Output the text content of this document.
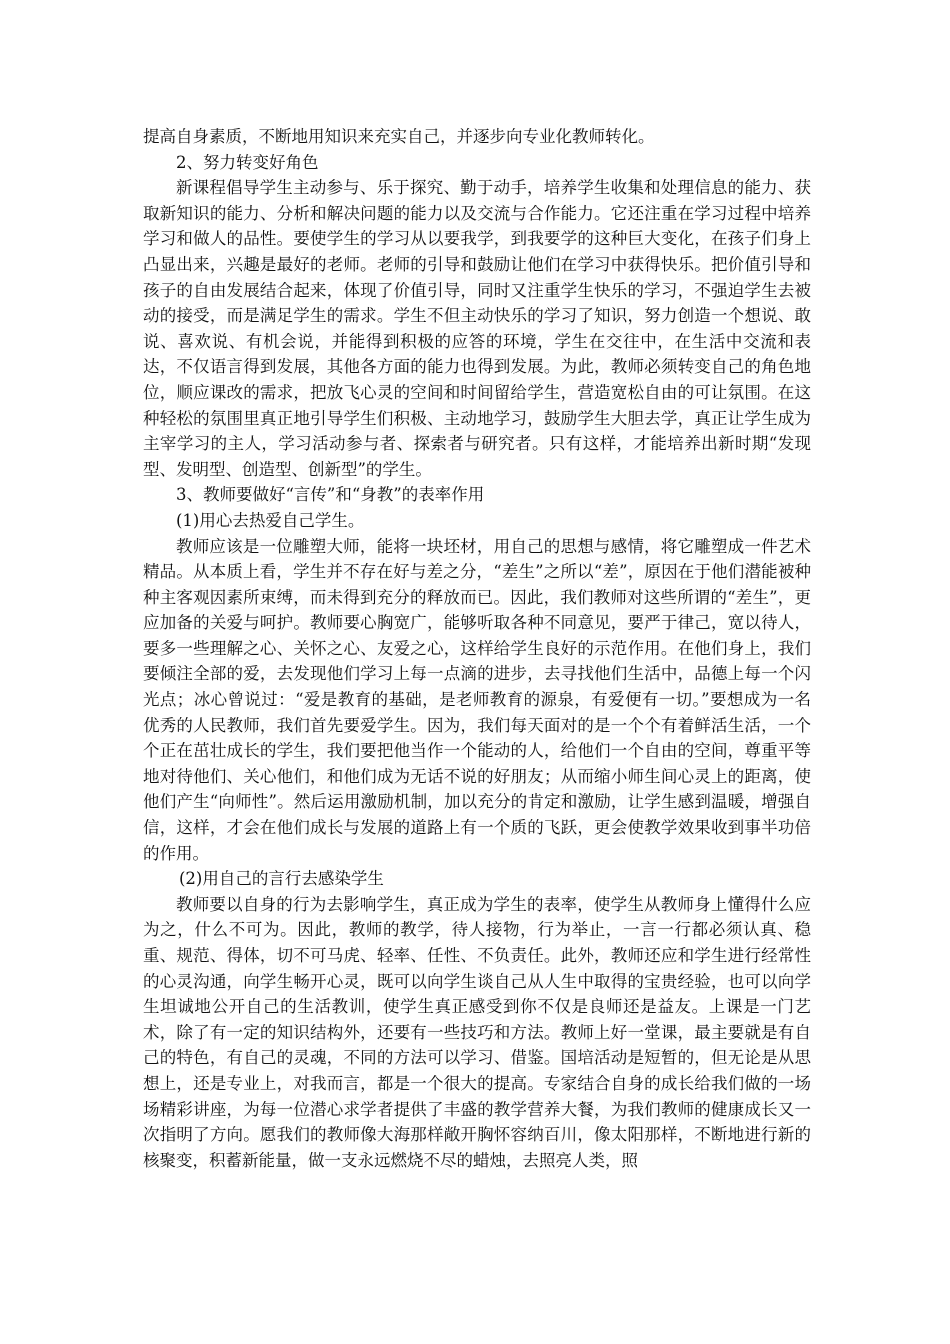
提高自身素质，不断地用知识来充实自己，并逐步向专业化教师转化。

2、努力转变好角色

新课程倡导学生主动参与、乐于探究、勤于动手，培养学生收集和处理信息的能力、获取新知识的能力、分析和解决问题的能力以及交流与合作能力。它还注重在学习过程中培养学习和做人的品性。要使学生的学习从以要我学，到我要学的这种巨大变化，在孩子们身上凸显出来，兴趣是最好的老师。老师的引导和鼓励让他们在学习中获得快乐。把价值引导和孩子的自由发展结合起来，体现了价值引导，同时又注重学生快乐的学习，不强迫学生去被动的接受，而是满足学生的需求。学生不但主动快乐的学习了知识，努力创造一个想说、敢说、喜欢说、有机会说，并能得到积极的应答的环境，学生在交往中，在生活中交流和表达，不仅语言得到发展，其他各方面的能力也得到发展。为此，教师必须转变自己的角色地位，顺应课改的需求，把放飞心灵的空间和时间留给学生，营造宽松自由的可让氛围。在这种轻松的氛围里真正地引导学生们积极、主动地学习，鼓励学生大胆去学，真正让学生成为主宰学习的主人，学习活动参与者、探索者与研究者。只有这样，才能培养出新时期“发现型、发明型、创造型、创新型”的学生。

3、教师要做好“言传”和“身教”的表率作用

(1)用心去热爱自己学生。

教师应该是一位雕塑大师，能将一块坯材，用自己的思想与感情，将它雕塑成一件艺术精品。从本质上看，学生并不存在好与差之分，“差生”之所以“差”，原因在于他们潜能被种种主客观因素所束缚，而未得到充分的释放而已。因此，我们教师对这些所谓的“差生”，更应加备的关爱与呵护。教师要心胸宽广，能够听取各种不同意见，要严于律己，宽以待人，要多一些理解之心、关怀之心、友爱之心，这样给学生良好的示范作用。在他们身上，我们要倾注全部的爱，去发现他们学习上每一点滴的进步，去寻找他们生活中，品德上每一个闪光点；冰心曾说过：“爱是教育的基础，是老师教育的源泉，有爱便有一切。”要想成为一名优秀的人民教师，我们首先要爱学生。因为，我们每天面对的是一个个有着鲜活生活，一个个正在茁壮成长的学生，我们要把他当作一个能动的人，给他们一个自由的空间，尊重平等地对待他们、关心他们，和他们成为无话不说的好朋友；从而缩小师生间心灵上的距离，使他们产生“向师性”。然后运用激励机制，加以充分的肯定和激励，让学生感到温暖，增强自信，这样，才会在他们成长与发展的道路上有一个质的飞跃，更会使教学效果收到事半功倍的作用。

(2)用自己的言行去感染学生

教师要以自身的行为去影响学生，真正成为学生的表率，使学生从教师身上懂得什么应为之，什么不可为。因此，教师的教学，待人接物，行为举止，一言一行都必须认真、稳重、规范、得体，切不可马虎、轻率、任性、不负责任。此外，教师还应和学生进行经常性的心灵沟通，向学生畅开心灵，既可以向学生谈自己从人生中取得的宝贵经验，也可以向学生坦诚地公开自己的生活教训，使学生真正感受到你不仅是良师还是益友。上课是一门艺术，除了有一定的知识结构外，还要有一些技巧和方法。教师上好一堂课，最主要就是有自己的特色，有自己的灵魂，不同的方法可以学习、借鉴。国培活动是短暂的，但无论是从思想上，还是专业上，对我而言，都是一个很大的提高。专家结合自身的成长给我们做的一场场精彩讲座，为每一位潜心求学者提供了丰盛的教学营养大餐，为我们教师的健康成长又一次指明了方向。愿我们的教师像大海那样敞开胸怀容纳百川，像太阳那样，不断地进行新的核聚变，积蓄新能量，做一支永远燃烧不尽的蜡烛，去照亮人类，照
